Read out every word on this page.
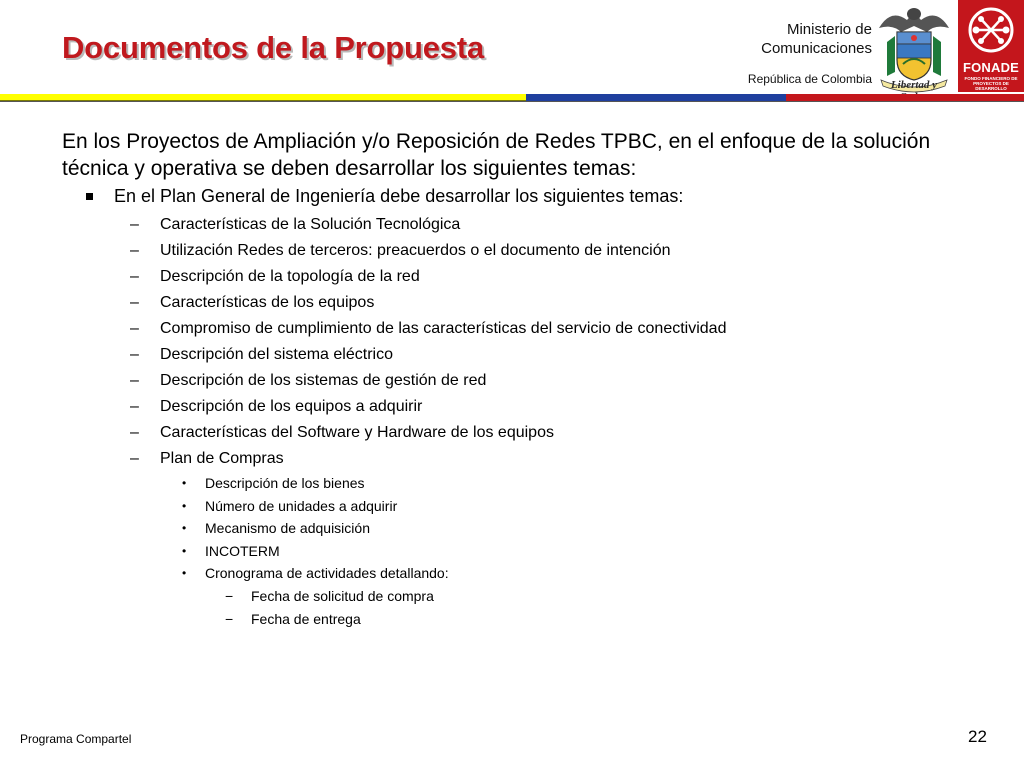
Documentos de la Propuesta
Ministerio de
Comunicaciones
República de Colombia	Libertad y
FONADE
FONDO FINANCIERO DE PROYECTOS DE DESARROLLO

En los Proyectos de Ampliación y/o Reposición de Redes TPBC, en el enfoque de la solución técnica y operativa se deben desarrollar los siguientes temas:

En el Plan General de Ingeniería debe desarrollar los siguientes temas:
– Características de la Solución Tecnológica
– Utilización Redes de terceros: preacuerdos o el documento de intención
– Descripción de la topología de la red
– Características de los equipos
– Compromiso de cumplimiento de las características del servicio de conectividad
– Descripción del sistema eléctrico
– Descripción de los sistemas de gestión de red
– Descripción de los equipos a adquirir
– Características del Software y Hardware de los equipos
– Plan de Compras
• Descripción de los bienes
• Número de unidades a adquirir
• Mecanismo de adquisición
• INCOTERM
• Cronograma de actividades detallando:
− Fecha de solicitud de compra
− Fecha de entrega
Programa Compartel	22
